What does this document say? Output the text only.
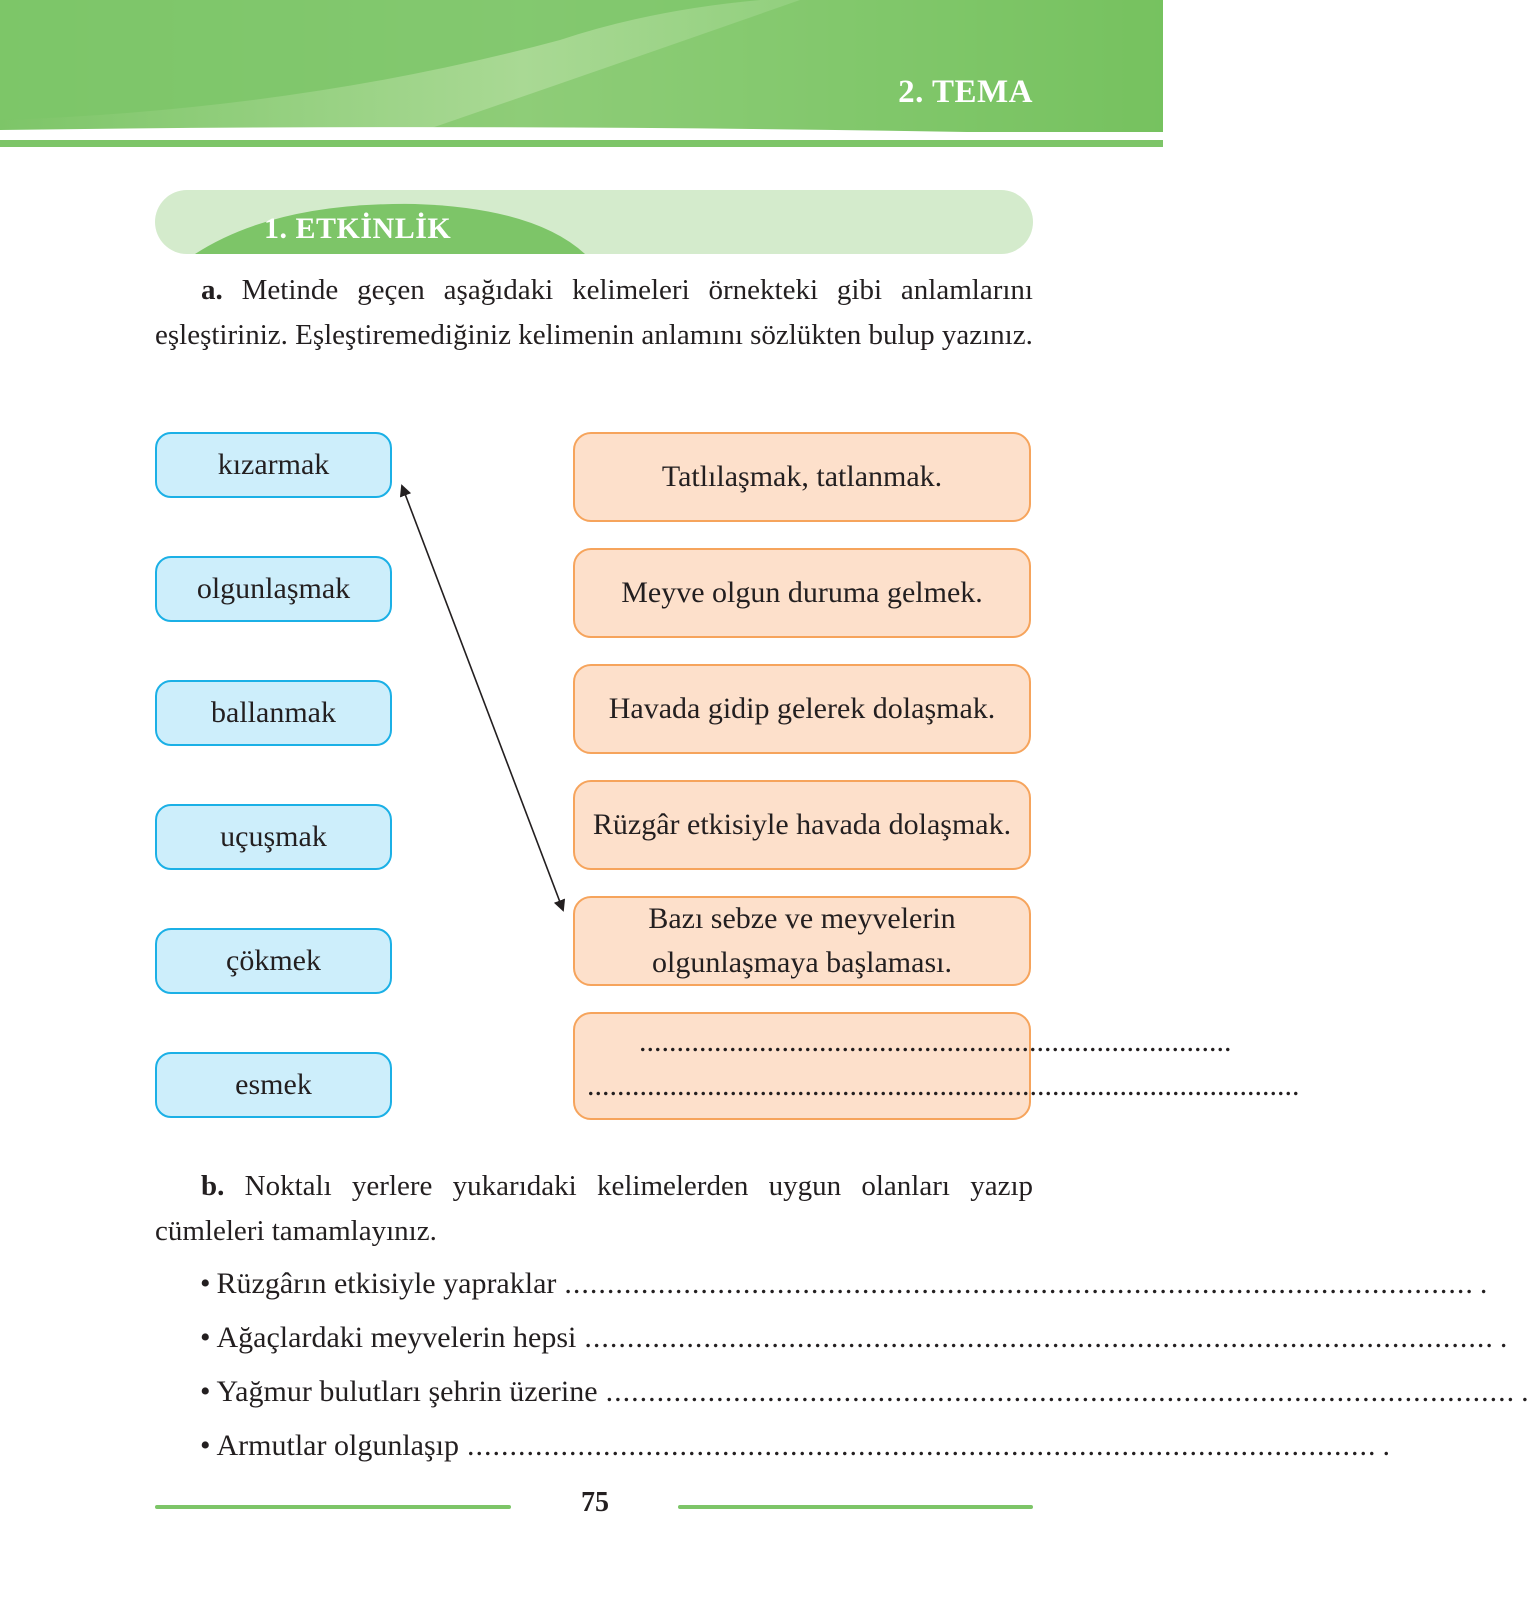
2. TEMA
1. ETKİNLİK
a. Metinde geçen aşağıdaki kelimeleri örnekteki gibi anlamlarını eşleştiriniz. Eşleştiremediğiniz kelimenin anlamını sözlükten bulup yazınız.
kızarmak
olgunlaşmak
ballanmak
uçuşmak
çökmek
esmek
Tatlılaşmak, tatlanmak.
Meyve olgun duruma gelmek.
Havada gidip gelerek dolaşmak.
Rüzgâr etkisiyle havada dolaşmak.
Bazı sebze ve meyvelerin olgunlaşmaya başlaması.
...............................................................................
...............................................................................................
b. Noktalı yerlere yukarıdaki kelimelerden uygun olanları yazıp cümleleri tamamlayınız.
• Rüzgârın etkisiyle yapraklar ........................................................................................................... .
• Ağaçlardaki meyvelerin hepsi ........................................................................................................... .
• Yağmur bulutları şehrin üzerine ........................................................................................................... .
• Armutlar olgunlaşıp ........................................................................................................... .
75
